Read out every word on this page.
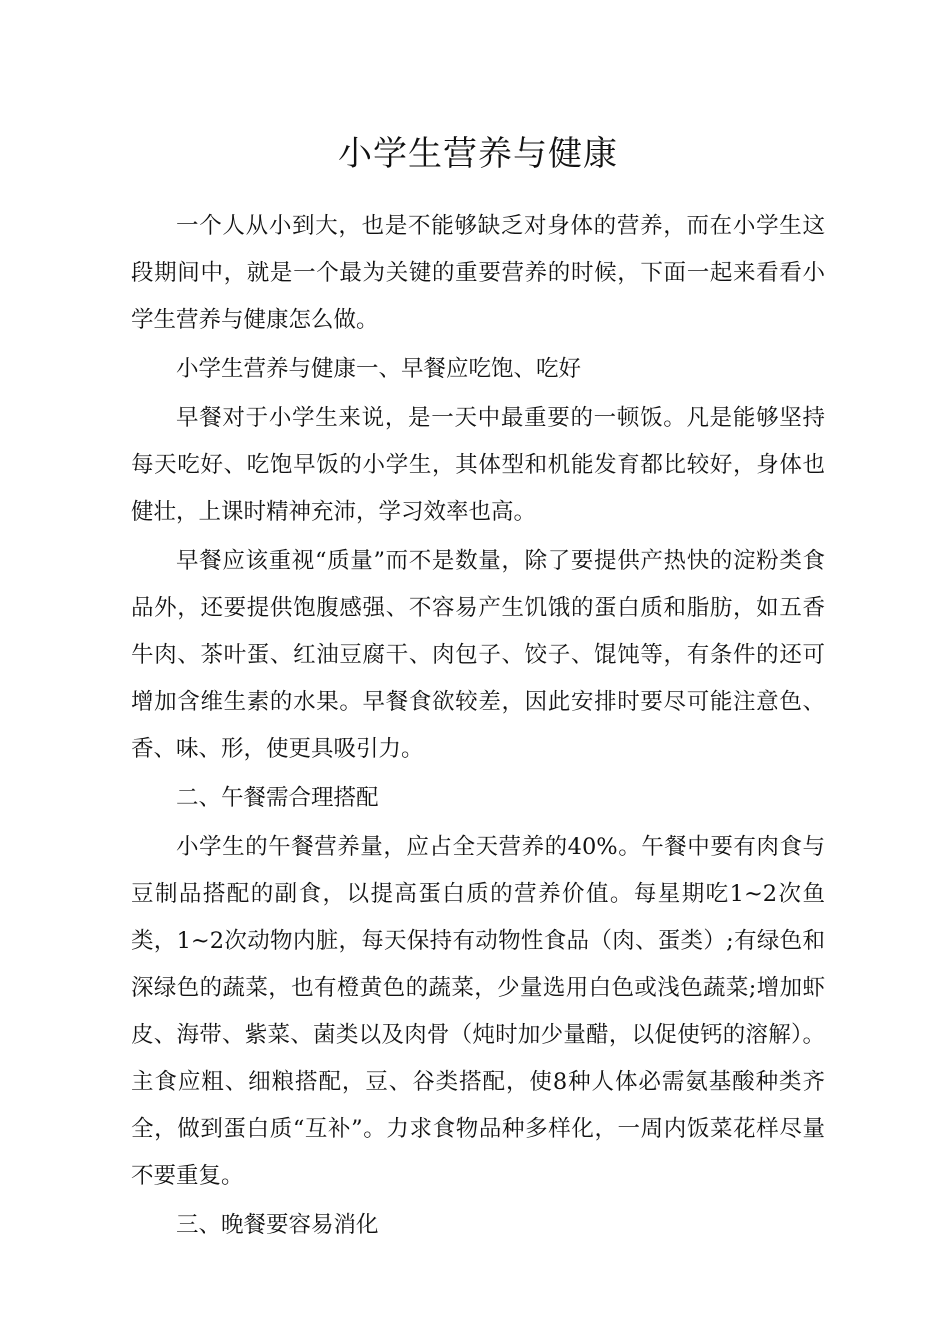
小学生营养与健康

一个人从小到大，也是不能够缺乏对身体的营养，而在小学生这段期间中，就是一个最为关键的重要营养的时候，下面一起来看看小学生营养与健康怎么做。

小学生营养与健康一、早餐应吃饱、吃好

早餐对于小学生来说，是一天中最重要的一顿饭。凡是能够坚持每天吃好、吃饱早饭的小学生，其体型和机能发育都比较好，身体也健壮，上课时精神充沛，学习效率也高。

早餐应该重视“质量”而不是数量，除了要提供产热快的淀粉类食品外，还要提供饱腹感强、不容易产生饥饿的蛋白质和脂肪，如五香牛肉、茶叶蛋、红油豆腐干、肉包子、饺子、馄饨等，有条件的还可增加含维生素的水果。早餐食欲较差，因此安排时要尽可能注意色、香、味、形，使更具吸引力。

二、午餐需合理搭配

小学生的午餐营养量，应占全天营养的40%。午餐中要有肉食与豆制品搭配的副食，以提高蛋白质的营养价值。每星期吃1~2次鱼类，1~2次动物内脏，每天保持有动物性食品（肉、蛋类）;有绿色和深绿色的蔬菜，也有橙黄色的蔬菜，少量选用白色或浅色蔬菜;增加虾皮、海带、紫菜、菌类以及肉骨（炖时加少量醋，以促使钙的溶解）。主食应粗、细粮搭配，豆、谷类搭配，使8种人体必需氨基酸种类齐全，做到蛋白质“互补”。力求食物品种多样化，一周内饭菜花样尽量不要重复。

三、晚餐要容易消化
